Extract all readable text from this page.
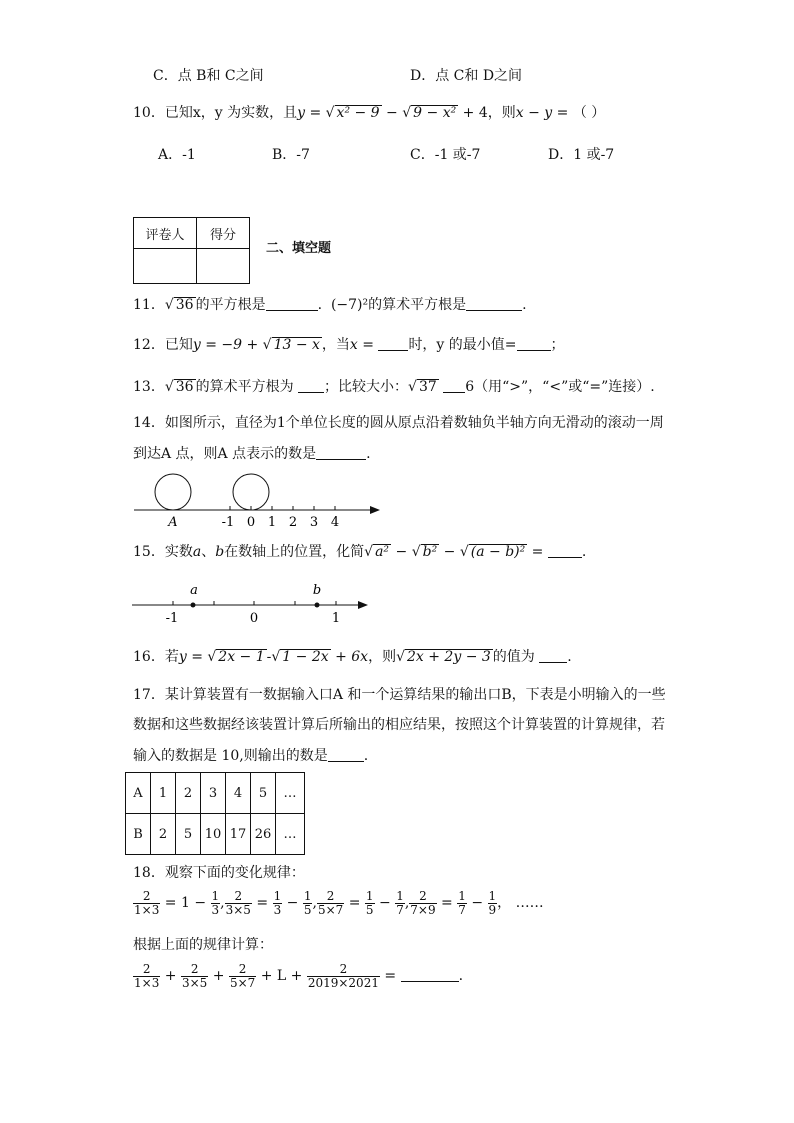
C．点 B和 C之间	D．点 C和 D之间
10．已知x，y 为实数，且y = √ x² − 9 − √ 9 − x² + 4，则x − y = （ ）
A．-1	B．-7	C．-1 或-7	D．1 或-7
评卷人	得分

二、填空题
11．√ 36 的平方根是	. (−7)²的算术平方根是	.
12．已知y = −9 + √ 13 − x ，当x = 时，y 的最小值= ；
13．√ 36 的算术平方根为 ；比较大小：√ 37 6（用“>”，“<”或“=”连接）.
14．如图所示，直径为1个单位长度的圆从原点沿着数轴负半轴方向无滑动的滚动一周
到达A 点，则A 点表示的数是	.
A	-1 0 1 2 3 4
15．实数a、b在数轴上的位置，化简√ a² − √ b² − √ (a − b)² = .
a	b
-1	0	1
16．若y = √ 2x − 1 -√ 1 − 2x + 6x，则√ 2x + 2y − 3 的值为 .
17．某计算装置有一数据输入口A 和一个运算结果的输出口B，下表是小明输入的一些
数据和这些数据经该装置计算后所输出的相应结果，按照这个计算装置的计算规律，若
输入的数据是 10,则输出的数是	.
A	1	2	3	4	5	…
B	2	5	10	17	26	…
18．观察下面的变化规律：
$\frac{2}{1\times 3} = 1 - \frac{1}{3}$ , $\frac{2}{3\times 5} = \frac{1}{3} - \frac{1}{5}$ , $\frac{2}{5\times 7} = \frac{1}{5} - \frac{1}{7}$ , $\frac{2}{7\times 9} = \frac{1}{7} - \frac{1}{9}$ ， ……
根据上面的规律计算：
$\frac{2}{1\times 3} + \frac{2}{3\times 5} + \frac{2}{5\times 7} + L + \frac{2}{2019\times 2021}$ =	.
